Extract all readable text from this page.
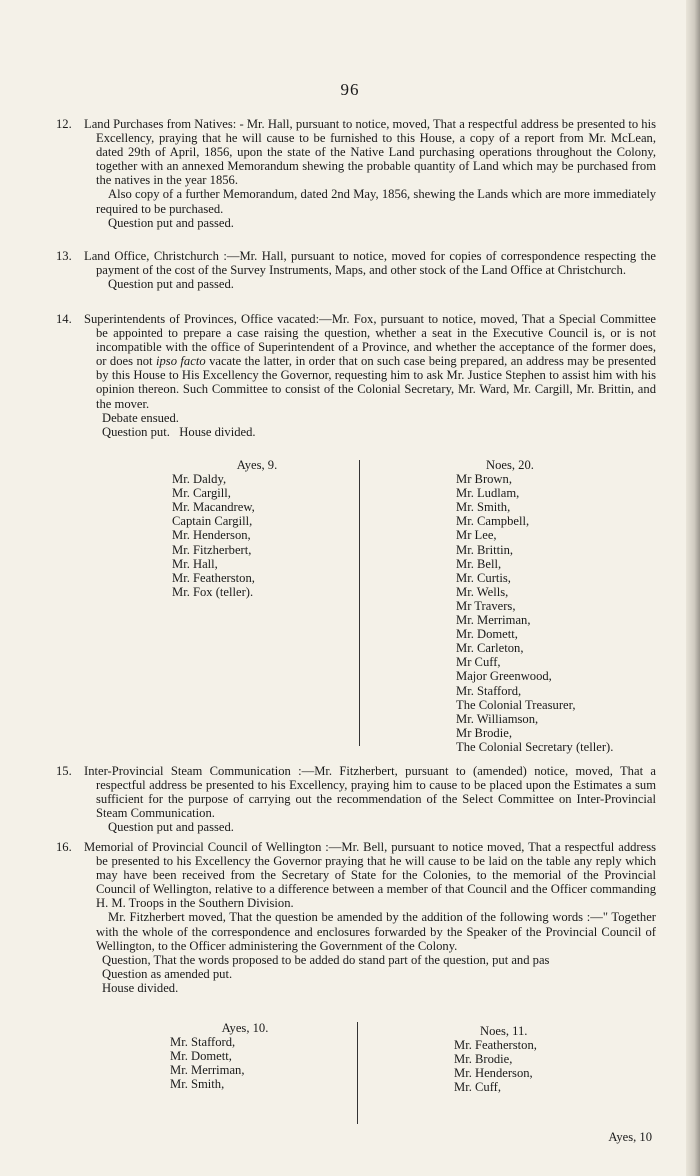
96
12. Land Purchases from Natives: - Mr. Hall, pursuant to notice, moved, That a respectful address be presented to his Excellency, praying that he will cause to be furnished to this House, a copy of a report from Mr. McLean, dated 29th of April, 1856, upon the state of the Native Land purchasing operations throughout the Colony, together with an annexed Memorandum shewing the probable quantity of Land which may be purchased from the natives in the year 1856.

Also copy of a further Memorandum, dated 2nd May, 1856, shewing the Lands which are more immediately required to be purchased.

Question put and passed.

13. Land Office, Christchurch :—Mr. Hall, pursuant to notice, moved for copies of correspondence respecting the payment of the cost of the Survey Instruments, Maps, and other stock of the Land Office at Christchurch.

Question put and passed.

14. Superintendents of Provinces, Office vacated:—Mr. Fox, pursuant to notice, moved, That a Special Committee be appointed to prepare a case raising the question, whether a seat in the Executive Council is, or is not incompatible with the office of Superintendent of a Province, and whether the acceptance of the former does, or does not ipso facto vacate the latter, in order that on such case being prepared, an address may be presented by this House to His Excellency the Governor, requesting him to ask Mr. Justice Stephen to assist him with his opinion thereon. Such Committee to consist of the Colonial Secretary, Mr. Ward, Mr. Cargill, Mr. Brittin, and the mover.

Debate ensued.

Question put.   House divided.

Ayes, 9.
Mr. Daldy,
Mr. Cargill,
Mr. Macandrew,
Captain Cargill,
Mr. Henderson,
Mr. Fitzherbert,
Mr. Hall,
Mr. Featherston,
Mr. Fox (teller).
Noes, 20.
Mr Brown,
Mr. Ludlam,
Mr. Smith,
Mr. Campbell,
Mr Lee,
Mr. Brittin,
Mr. Bell,
Mr. Curtis,
Mr. Wells,
Mr Travers,
Mr. Merriman,
Mr. Domett,
Mr. Carleton,
Mr Cuff,
Major Greenwood,
Mr. Stafford,
The Colonial Treasurer,
Mr. Williamson,
Mr Brodie,
The Colonial Secretary (teller).
15. Inter-Provincial Steam Communication :—Mr. Fitzherbert, pursuant to (amended) notice, moved, That a respectful address be presented to his Excellency, praying him to cause to be placed upon the Estimates a sum sufficient for the purpose of carrying out the recommendation of the Select Committee on Inter-Provincial Steam Communication.

Question put and passed.

16. Memorial of Provincial Council of Wellington :—Mr. Bell, pursuant to notice moved, That a respectful address be presented to his Excellency the Governor praying that he will cause to be laid on the table any reply which may have been received from the Secretary of State for the Colonies, to the memorial of the Provincial Council of Wellington, relative to a difference between a member of that Council and the Officer commanding H. M. Troops in the Southern Division.

Mr. Fitzherbert moved, That the question be amended by the addition of the following words :—" Together with the whole of the correspondence and enclosures forwarded by the Speaker of the Provincial Council of Wellington, to the Officer administering the Government of the Colony.

Question, That the words proposed to be added do stand part of the question, put and pas

Question as amended put.

House divided.

Ayes, 10.
Mr. Stafford,
Mr. Domett,
Mr. Merriman,
Mr. Smith,
Noes, 11.
Mr. Featherston,
Mr. Brodie,
Mr. Henderson,
Mr. Cuff,
Ayes, 10
